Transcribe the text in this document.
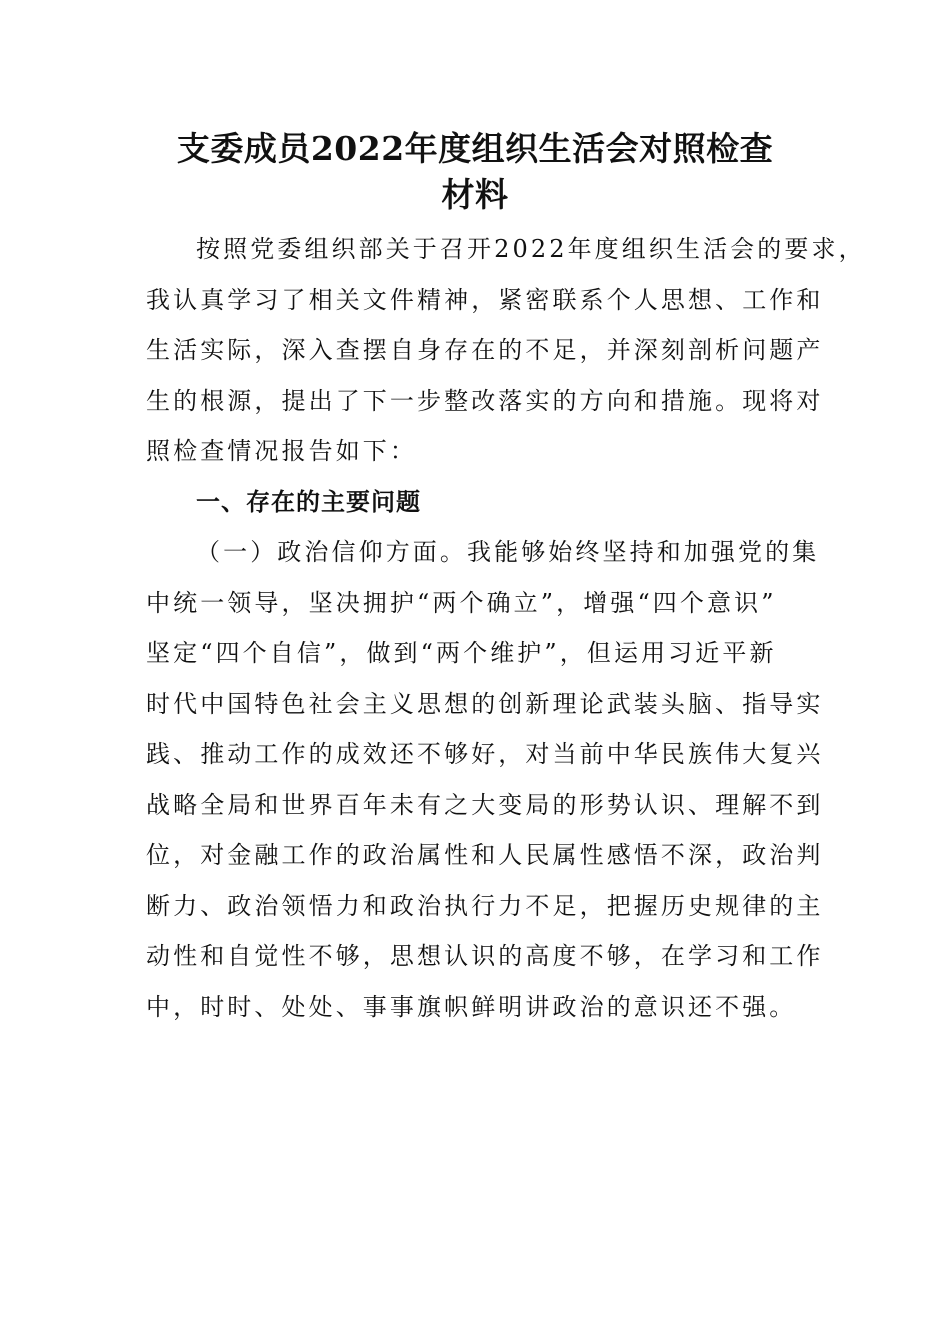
支委成员2022年度组织生活会对照检查
材料
按照党委组织部关于召开2022年度组织生活会的要求，
我认真学习了相关文件精神，紧密联系个人思想、工作和
生活实际，深入查摆自身存在的不足，并深刻剖析问题产
生的根源，提出了下一步整改落实的方向和措施。现将对
照检查情况报告如下：
一、存在的主要问题
（一）政治信仰方面。我能够始终坚持和加强党的集
中统一领导，坚决拥护“两个确立”，增强“四个意识”
坚定“四个自信”，做到“两个维护”，但运用习近平新
时代中国特色社会主义思想的创新理论武装头脑、指导实
践、推动工作的成效还不够好，对当前中华民族伟大复兴
战略全局和世界百年未有之大变局的形势认识、理解不到
位，对金融工作的政治属性和人民属性感悟不深，政治判
断力、政治领悟力和政治执行力不足，把握历史规律的主
动性和自觉性不够，思想认识的高度不够，在学习和工作
中，时时、处处、事事旗帜鲜明讲政治的意识还不强。
